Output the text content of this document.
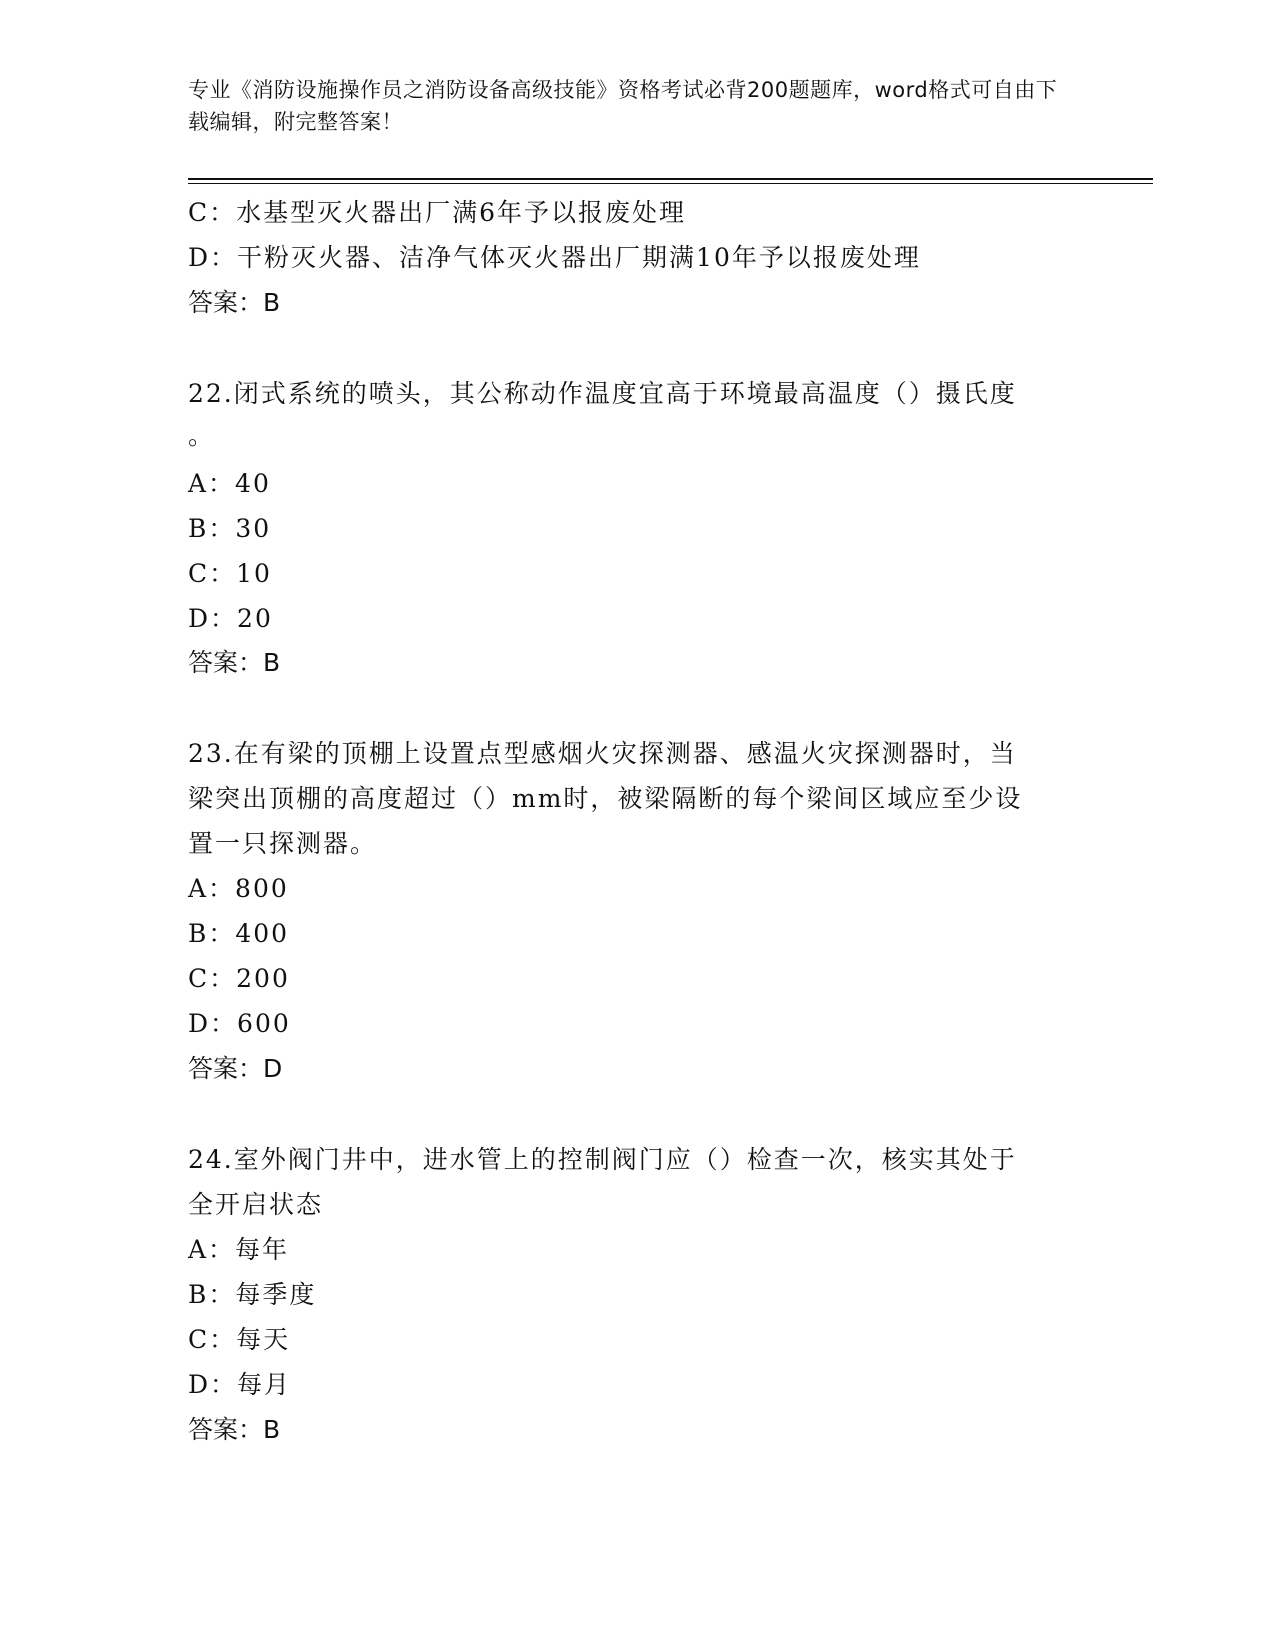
专业《消防设施操作员之消防设备高级技能》资格考试必背200题题库，word格式可自由下载编辑，附完整答案！
C：水基型灭火器出厂满6年予以报废处理
D：干粉灭火器、洁净气体灭火器出厂期满10年予以报废处理
答案：B
22.闭式系统的喷头，其公称动作温度宜高于环境最高温度（）摄氏度
。
A：40
B：30
C：10
D：20
答案：B
23.在有梁的顶棚上设置点型感烟火灾探测器、感温火灾探测器时，当
梁突出顶棚的高度超过（）mm时，被梁隔断的每个梁间区域应至少设
置一只探测器。
A：800
B：400
C：200
D：600
答案：D
24.室外阀门井中，进水管上的控制阀门应（）检查一次，核实其处于
全开启状态
A：每年
B：每季度
C：每天
D：每月
答案：B
